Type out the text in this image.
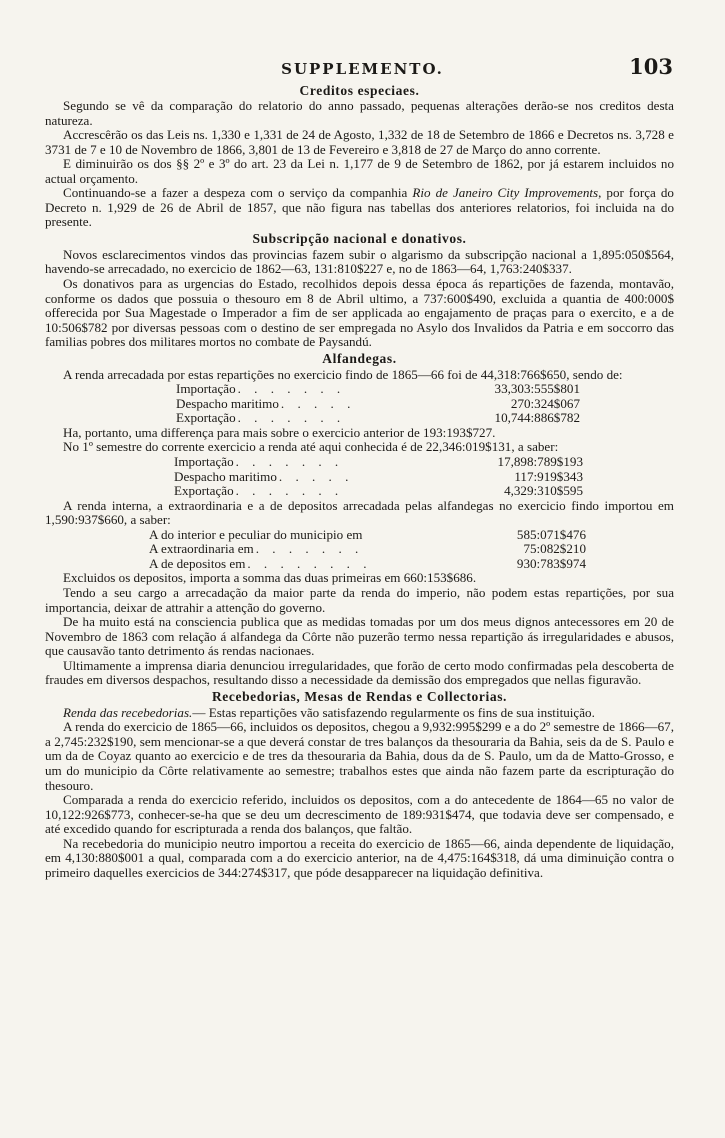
SUPPLEMENTO.	103
Creditos especiaes.

Segundo se vê da comparação do relatorio do anno passado, pequenas alterações derão-se nos creditos desta natureza.

Accrescêrão os das Leis ns. 1,330 e 1,331 de 24 de Agosto, 1,332 de 18 de Setembro de 1866 e Decretos ns. 3,728 e 3731 de 7 e 10 de Novembro de 1866, 3,801 de 13 de Fevereiro e 3,818 de 27 de Março do anno corrente.

E diminuirão os dos §§ 2º e 3º do art. 23 da Lei n. 1,177 de 9 de Setembro de 1862, por já estarem incluidos no actual orçamento.

Continuando-se a fazer a despeza com o serviço da companhia Rio de Janeiro City Improvements, por força do Decreto n. 1,929 de 26 de Abril de 1857, que não figura nas tabellas dos anteriores relatorios, foi incluida na do presente.

Subscripção nacional e donativos.

Novos esclarecimentos vindos das provincias fazem subir o algarismo da subscripção nacional a 1,895:050$564, havendo-se arrecadado, no exercicio de 1862—63, 131:810$227 e, no de 1863—64, 1,763:240$337.

Os donativos para as urgencias do Estado, recolhidos depois dessa época ás repartições de fazenda, montavão, conforme os dados que possuia o thesouro em 8 de Abril ultimo, a 737:600$490, excluida a quantia de 400:000$ offerecida por Sua Magestade o Imperador a fim de ser applicada ao engajamento de praças para o exercito, e a de 10:506$782 por diversas pessoas com o destino de ser empregada no Asylo dos Invalidos da Patria e em soccorro das familias pobres dos militares mortos no combate de Paysandú.

Alfandegas.

A renda arrecadada por estas repartições no exercicio findo de 1865—66 foi de 44,318:766$650, sendo de:

Importação . . . . . . .	33,303:555$801
Despacho maritimo . . . . .	270:324$067
Exportação . . . . . . .	10,744:886$782

Ha, portanto, uma differença para mais sobre o exercicio anterior de 193:193$727.

No 1º semestre do corrente exercicio a renda até aqui conhecida é de 22,346:019$131, a saber:

Importação . . . . . . .	17,898:789$193
Despacho maritimo . . . . .	117:919$343
Exportação . . . . . . .	4,329:310$595

A renda interna, a extraordinaria e a de depositos arrecadada pelas alfandegas no exercicio findo importou em 1,590:937$660, a saber:

A do interior e peculiar do municipio em	585:071$476
A extraordinaria em . . . . . . .	75:082$210
A de depositos em . . . . . . . .	930:783$974

Excluidos os depositos, importa a somma das duas primeiras em 660:153$686.

Tendo a seu cargo a arrecadação da maior parte da renda do imperio, não podem estas repartições, por sua importancia, deixar de attrahir a attenção do governo.

De ha muito está na consciencia publica que as medidas tomadas por um dos meus dignos antecessores em 20 de Novembro de 1863 com relação á alfandega da Côrte não puzerão termo nessa repartição ás irregularidades e abusos, que causavão tanto detrimento ás rendas nacionaes.

Ultimamente a imprensa diaria denunciou irregularidades, que forão de certo modo confirmadas pela descoberta de fraudes em diversos despachos, resultando disso a necessidade da demissão dos empregados que nellas figuravão.

Recebedorias, Mesas de Rendas e Collectorias.

Renda das recebedorias.— Estas repartições vão satisfazendo regularmente os fins de sua instituição.

A renda do exercicio de 1865—66, incluidos os depositos, chegou a 9,932:995$299 e a do 2º semestre de 1866—67, a 2,745:232$190, sem mencionar-se a que deverá constar de tres balanços da thesouraria da Bahia, seis da de S. Paulo e um da de Coyaz quanto ao exercicio e de tres da thesouraria da Bahia, dous da de S. Paulo, um da de Matto-Grosso, e um do municipio da Côrte relativamente ao semestre; trabalhos estes que ainda não fazem parte da escripturação do thesouro.

Comparada a renda do exercicio referido, incluidos os depositos, com a do antecedente de 1864—65 no valor de 10,122:926$773, conhecer-se-ha que se deu um decrescimento de 189:931$474, que todavia deve ser compensado, e até excedido quando for escripturada a renda dos balanços, que faltão.

Na recebedoria do municipio neutro importou a receita do exercicio de 1865—66, ainda dependente de liquidação, em 4,130:880$001 a qual, comparada com a do exercicio anterior, na de 4,475:164$318, dá uma diminuição contra o primeiro daquelles exercicios de 344:274$317, que póde desapparecer na liquidação definitiva.
